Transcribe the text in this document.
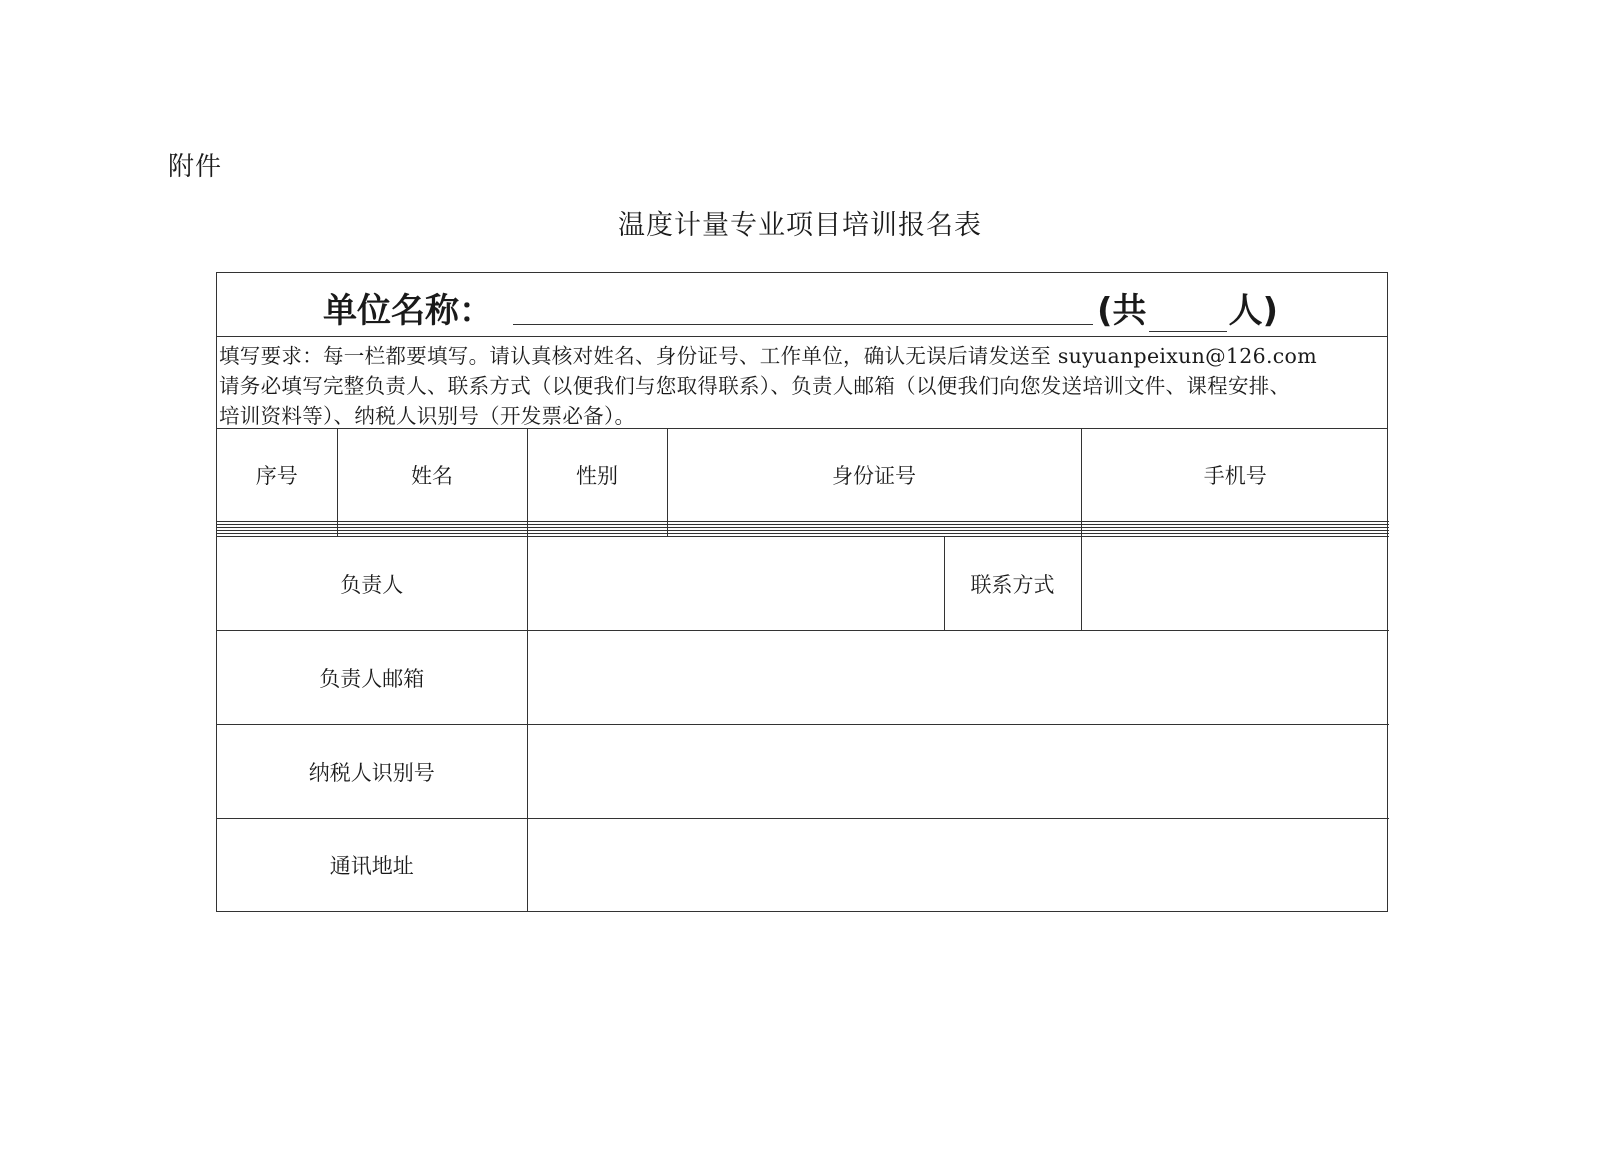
附件
温度计量专业项目培训报名表
单位名称：	(共 人)
填写要求：每一栏都要填写。请认真核对姓名、身份证号、工作单位，确认无误后请发送至 suyuanpeixun@126.com
请务必填写完整负责人、联系方式（以便我们与您取得联系）、负责人邮箱（以便我们向您发送培训文件、课程安排、
培训资料等）、纳税人识别号（开发票必备）。
序号	姓名	性别	身份证号		手机号

负责人				联系方式	
负责人邮箱					
纳税人识别号					
通讯地址					
